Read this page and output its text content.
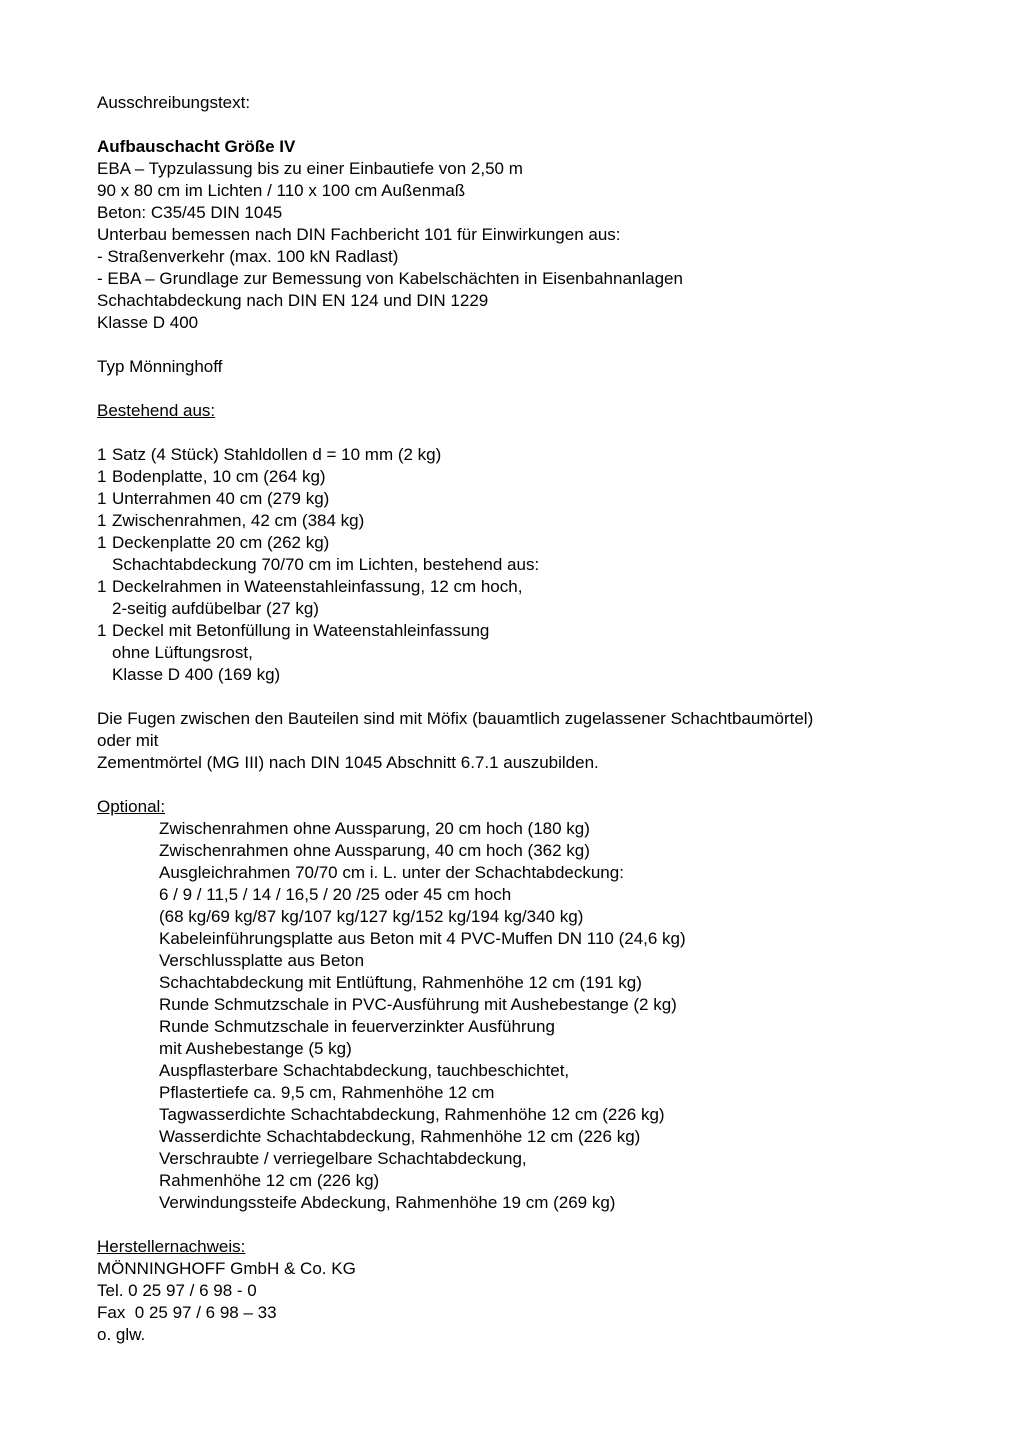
Ausschreibungstext:
Aufbauschacht Größe IV
EBA – Typzulassung bis zu einer Einbautiefe von 2,50 m
90 x 80 cm im Lichten / 110 x 100 cm Außenmaß
Beton: C35/45 DIN 1045
Unterbau bemessen nach DIN Fachbericht 101 für Einwirkungen aus:
- Straßenverkehr (max. 100 kN Radlast)
- EBA – Grundlage zur Bemessung von Kabelschächten in Eisenbahnanlagen
Schachtabdeckung nach DIN EN 124 und DIN 1229
Klasse D 400
Typ Mönninghoff
Bestehend aus:
1 Satz (4 Stück) Stahldollen d = 10 mm (2 kg)
1 Bodenplatte, 10 cm (264 kg)
1 Unterrahmen 40 cm (279 kg)
1 Zwischenrahmen, 42 cm (384 kg)
1 Deckenplatte 20 cm (262 kg)
Schachtabdeckung 70/70 cm im Lichten, bestehend aus:
1 Deckelrahmen in Wateenstahleinfassung, 12 cm hoch,
2-seitig aufdübelbar (27 kg)
1 Deckel mit Betonfüllung in Wateenstahleinfassung
ohne Lüftungsrost,
Klasse D 400 (169 kg)
Die Fugen zwischen den Bauteilen sind mit Möfix (bauamtlich zugelassener Schachtbaumörtel)
oder mit
Zementmörtel (MG III) nach DIN 1045 Abschnitt 6.7.1 auszubilden.
Optional:
Zwischenrahmen ohne Aussparung, 20 cm hoch (180 kg)
Zwischenrahmen ohne Aussparung, 40 cm hoch (362 kg)
Ausgleichrahmen 70/70 cm i. L. unter der Schachtabdeckung:
6 / 9 / 11,5 / 14 / 16,5 / 20 /25 oder 45 cm hoch
(68 kg/69 kg/87 kg/107 kg/127 kg/152 kg/194 kg/340 kg)
Kabeleinführungsplatte aus Beton mit 4 PVC-Muffen DN 110 (24,6 kg)
Verschlussplatte aus Beton
Schachtabdeckung mit Entlüftung, Rahmenhöhe 12 cm (191 kg)
Runde Schmutzschale in PVC-Ausführung mit Aushebestange (2 kg)
Runde Schmutzschale in feuerverzinkter Ausführung
mit Aushebestange (5 kg)
Auspflasterbare Schachtabdeckung, tauchbeschichtet,
Pflastertiefe ca. 9,5 cm, Rahmenhöhe 12 cm
Tagwasserdichte Schachtabdeckung, Rahmenhöhe 12 cm (226 kg)
Wasserdichte Schachtabdeckung, Rahmenhöhe 12 cm (226 kg)
Verschraubte / verriegelbare Schachtabdeckung,
Rahmenhöhe 12 cm (226 kg)
Verwindungssteife Abdeckung, Rahmenhöhe 19 cm (269 kg)
Herstellernachweis:
MÖNNINGHOFF GmbH & Co. KG
Tel. 0 25 97 / 6 98 - 0
Fax  0 25 97 / 6 98 – 33
o. glw.
